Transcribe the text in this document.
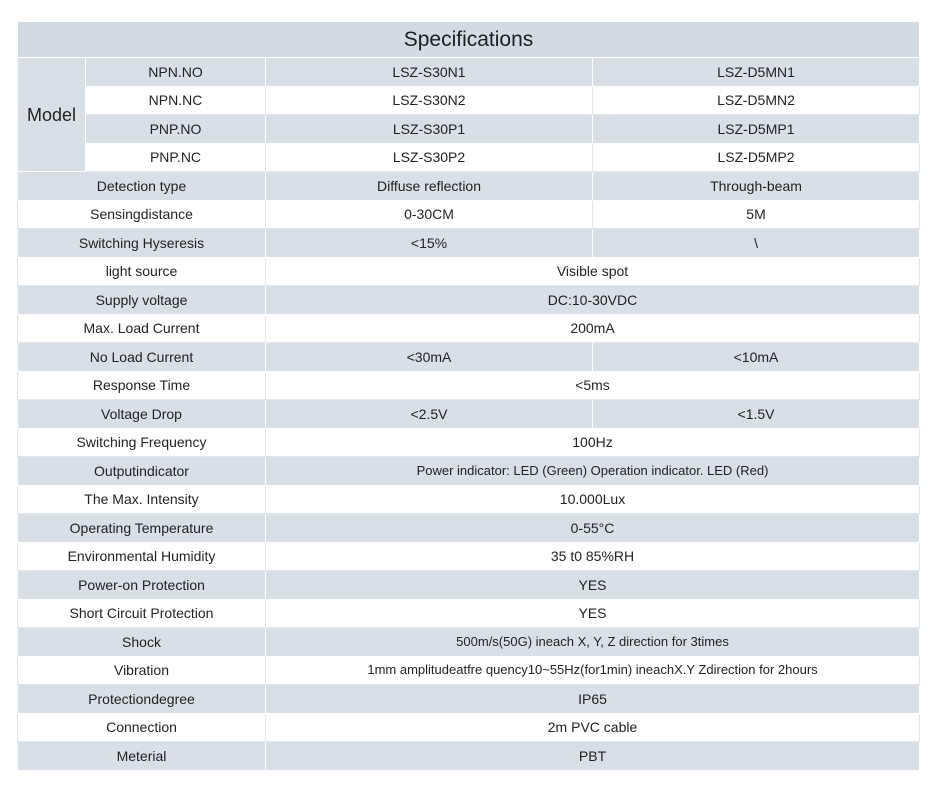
Specifications			
Model	NPN.NO	LSZ-S30N1	LSZ-D5MN1
	NPN.NC	LSZ-S30N2	LSZ-D5MN2
	PNP.NO	LSZ-S30P1	LSZ-D5MP1
	PNP.NC	LSZ-S30P2	LSZ-D5MP2
Detection type		Diffuse reflection	Through-beam
Sensingdistance		0-30CM	5M
Switching Hyseresis		<15%	\
light source		Visible spot	
Supply voltage		DC:10-30VDC	
Max. Load Current		200mA	
No Load Current		<30mA	<10mA
Response Time		<5ms	
Voltage Drop		<2.5V	<1.5V
Switching Frequency		100Hz	
Outputindicator		Power indicator: LED (Green) Operation indicator. LED (Red)	
The Max. Intensity		10.000Lux	
Operating Temperature		0-55°C	
Environmental Humidity		35 t0 85%RH	
Power-on Protection		YES	
Short Circuit Protection		YES	
Shock		500m/s(50G) ineach X, Y, Z direction for 3times	
Vibration		1mm amplitudeatfre quency10~55Hz(for1min) ineachX.Y Zdirection for 2hours	
Protectiondegree		IP65	
Connection		2m PVC cable	
Meterial		PBT	
